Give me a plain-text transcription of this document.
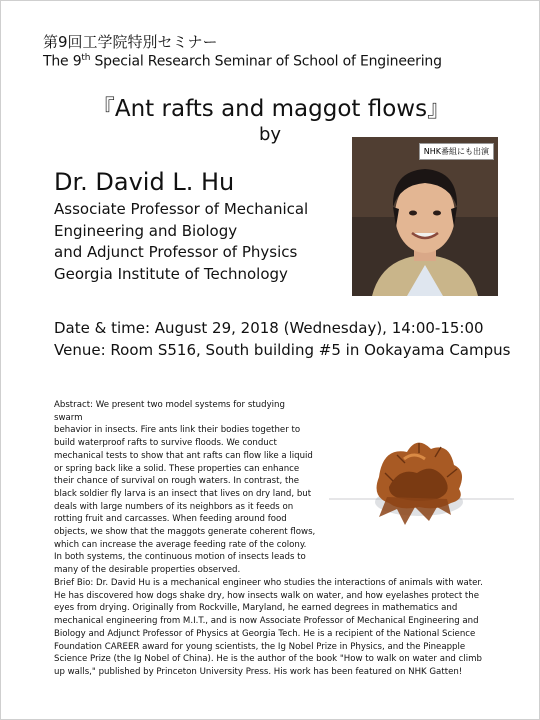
第9回工学院特別セミナー
The 9th Special Research Seminar of School of Engineering
『Ant rafts and maggot flows』
by
Dr. David L. Hu
Associate Professor of Mechanical
Engineering and Biology
and Adjunct Professor of Physics
Georgia Institute of Technology
NHK番組にも出演
Date & time: August 29, 2018 (Wednesday), 14:00-15:00
Venue: Room S516, South building #5 in Ookayama Campus
Abstract: We present two model systems for studying swarm
behavior in insects. Fire ants link their bodies together to
build waterproof rafts to survive floods. We conduct
mechanical tests to show that ant rafts can flow like a liquid
or spring back like a solid. These properties can enhance
their chance of survival on rough waters. In contrast, the
black soldier fly larva is an insect that lives on dry land, but
deals with large numbers of its neighbors as it feeds on
rotting fruit and carcasses. When feeding around food
objects, we show that the maggots generate coherent flows,
which can increase the average feeding rate of the colony.
In both systems, the continuous motion of insects leads to
many of the desirable properties observed.
Brief Bio: Dr. David Hu is a mechanical engineer who studies the interactions of animals with water.
He has discovered how dogs shake dry, how insects walk on water, and how eyelashes protect the
eyes from drying. Originally from Rockville, Maryland, he earned degrees in mathematics and
mechanical engineering from M.I.T., and is now Associate Professor of Mechanical Engineering and
Biology and Adjunct Professor of Physics at Georgia Tech. He is a recipient of the National Science
Foundation CAREER award for young scientists, the Ig Nobel Prize in Physics, and the Pineapple
Science Prize (the Ig Nobel of China). He is the author of the book "How to walk on water and climb
up walls," published by Princeton University Press. His work has been featured on NHK Gatten!
